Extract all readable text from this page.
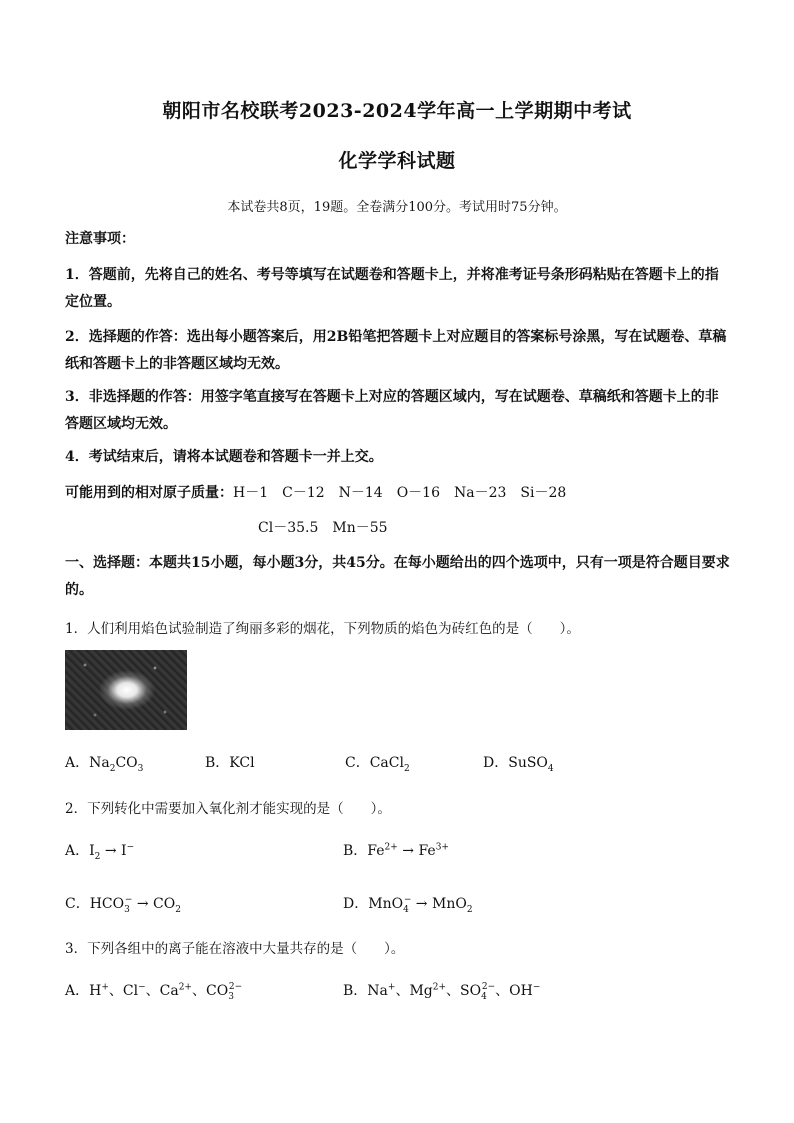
朝阳市名校联考2023-2024学年高一上学期期中考试
化学学科试题
本试卷共8页，19题。全卷满分100分。考试用时75分钟。
注意事项：
1．答题前，先将自己的姓名、考号等填写在试题卷和答题卡上，并将准考证号条形码粘贴在答题卡上的指定位置。
2．选择题的作答：选出每小题答案后，用2B铅笔把答题卡上对应题目的答案标号涂黑，写在试题卷、草稿纸和答题卡上的非答题区域均无效。
3．非选择题的作答：用签字笔直接写在答题卡上对应的答题区域内，写在试题卷、草稿纸和答题卡上的非答题区域均无效。
4．考试结束后，请将本试题卷和答题卡一并上交。
可能用到的相对原子质量：H－1　C－12　N－14　O－16　Na－23　Si－28
Cl－35.5　Mn－55
一、选择题：本题共15小题，每小题3分，共45分。在每小题给出的四个选项中，只有一项是符合题目要求的。
1．人们利用焰色试验制造了绚丽多彩的烟花，下列物质的焰色为砖红色的是（　　）。
A．$Na_2CO_3$	B．KCl	C．CaCl$_2$	D．SuSO$_4$
2．下列转化中需要加入氧化剂才能实现的是（　　）。
A．$I_2 \to I^-$	B．$Fe^{2+} \to Fe^{3+}$
C．$HCO_3^- \to CO_2$	D．MnO$_4$− → MnO$_2$
3．下列各组中的离子能在溶液中大量共存的是（　　）。
A．H+、Cl−、$Ca^{2+}$、$CO_3^{2-}$	B．Na+、$Mg^{2+}$、$SO_4^{2-}$、OH−
